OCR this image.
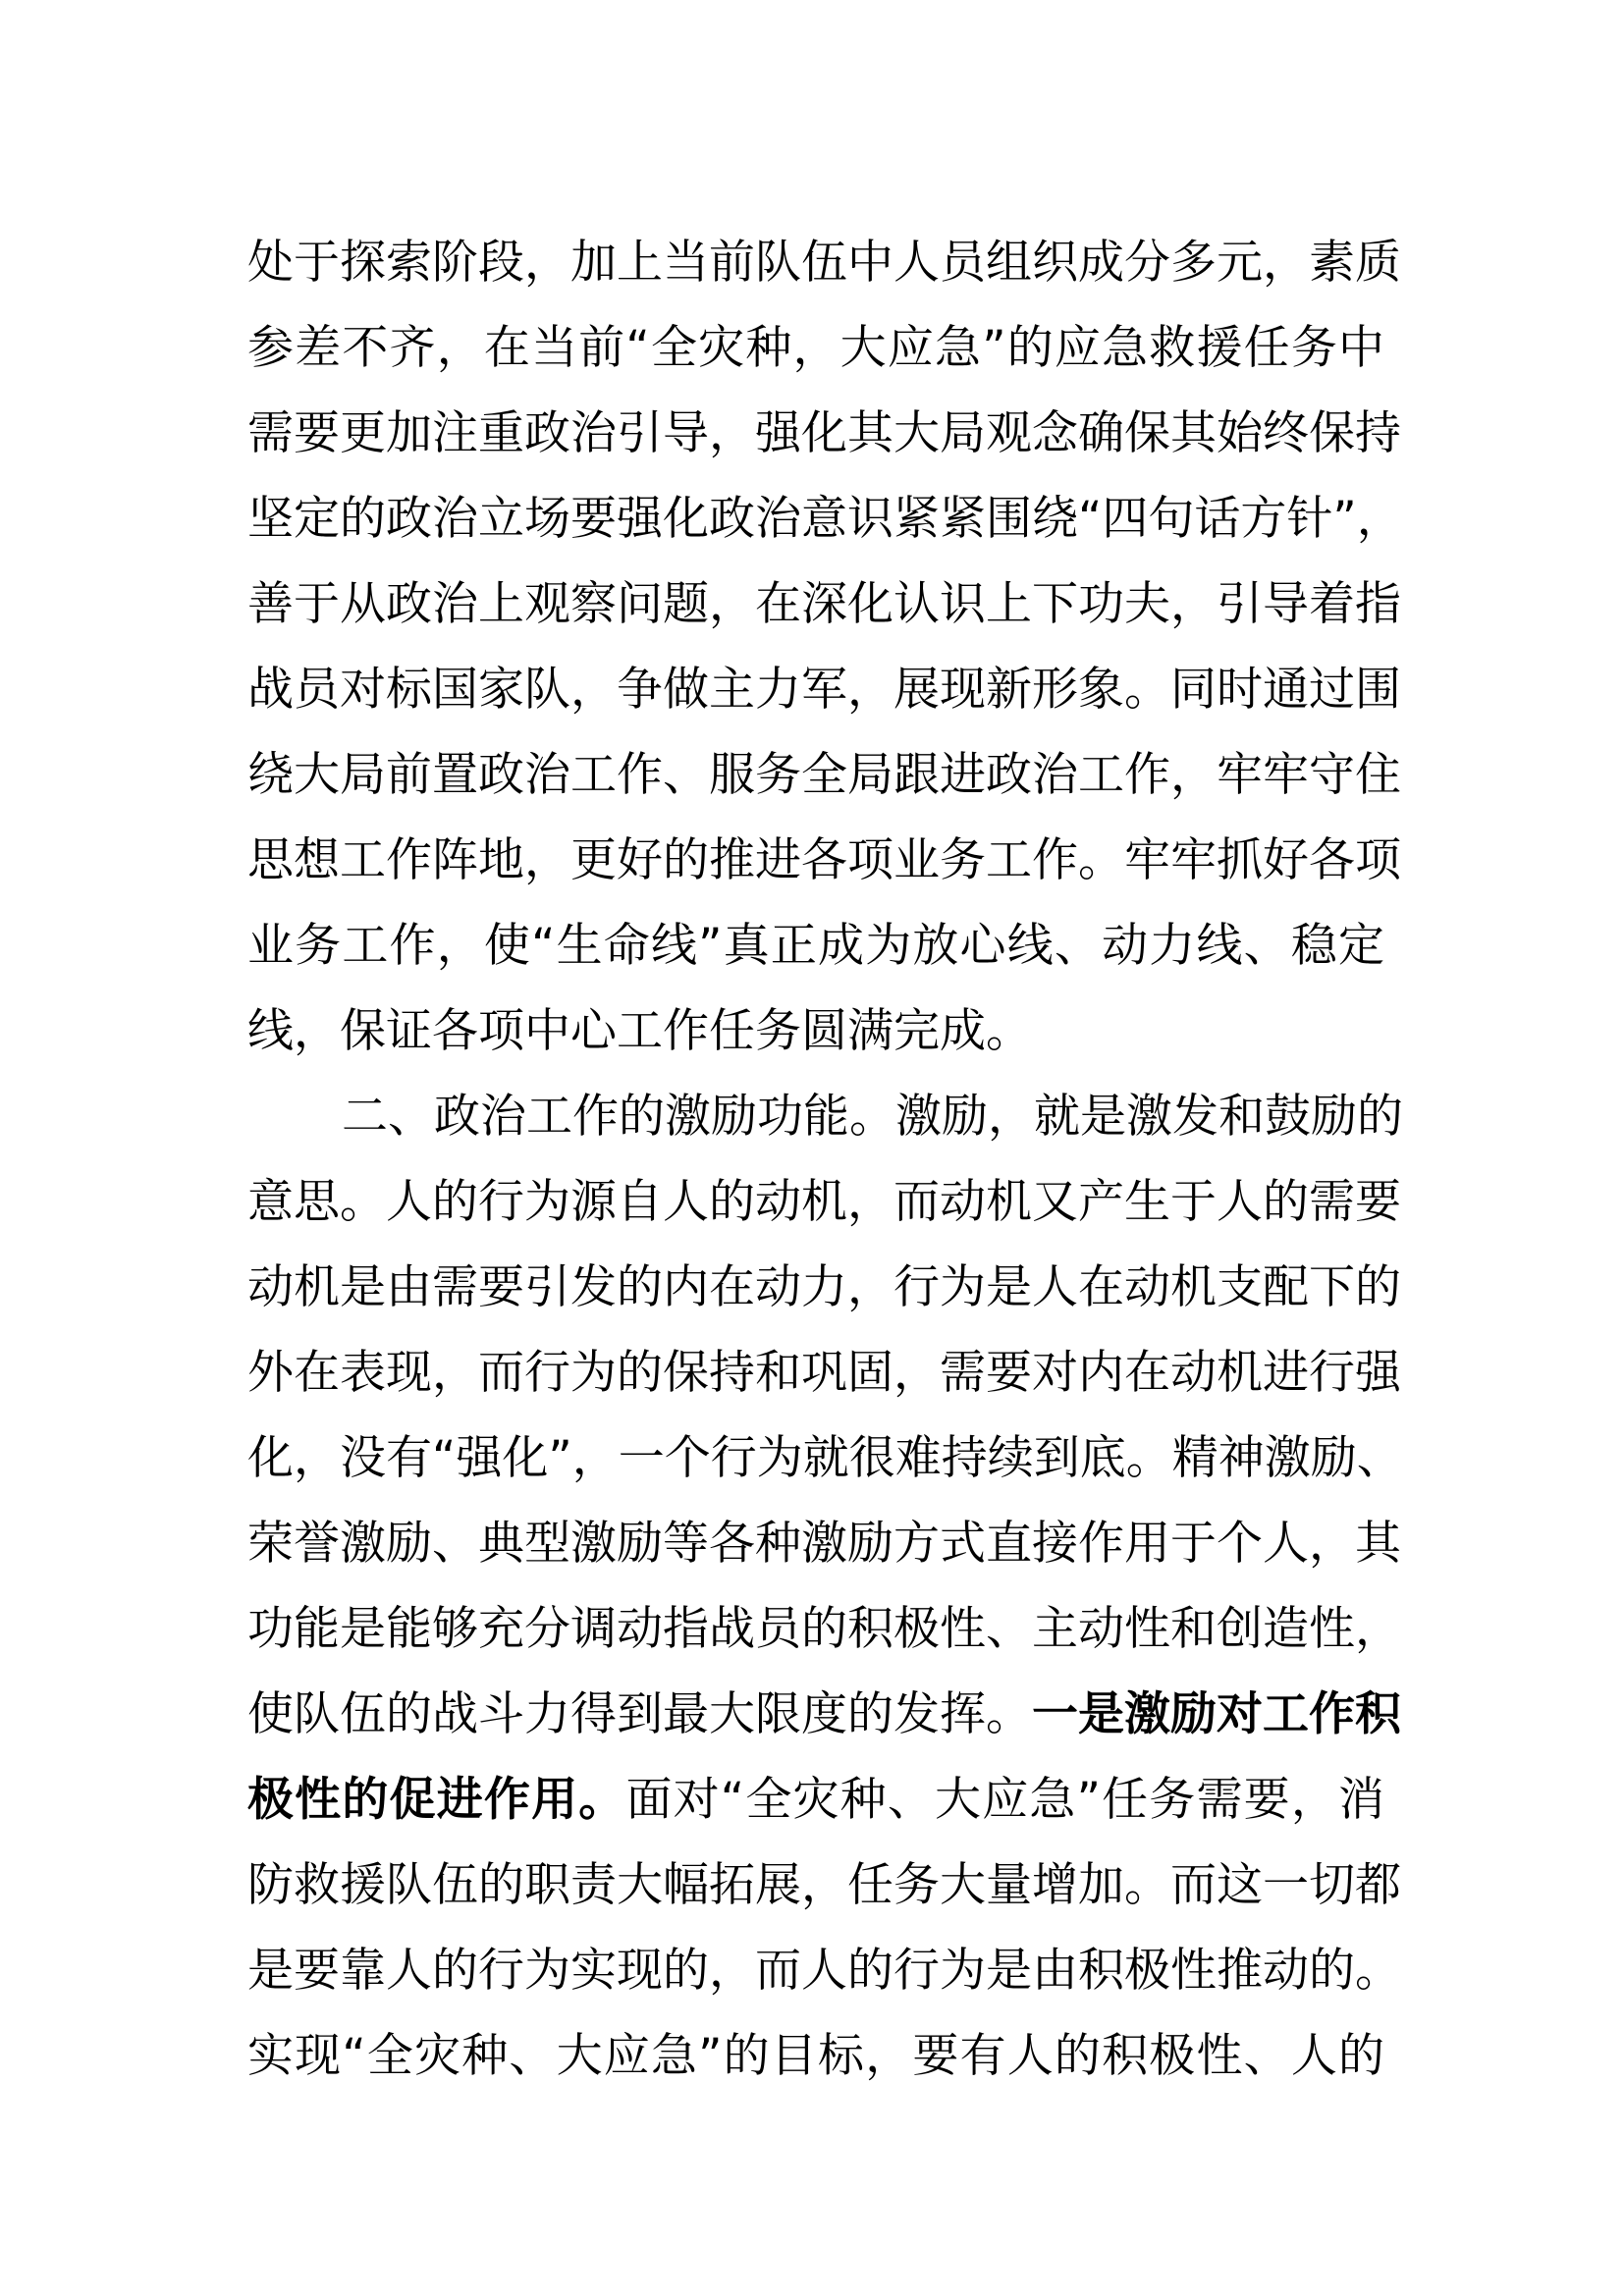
处于探索阶段，加上当前队伍中人员组织成分多元，素质
参差不齐，在当前“全灾种，大应急”的应急救援任务中
需要更加注重政治引导，强化其大局观念确保其始终保持
坚定的政治立场要强化政治意识紧紧围绕“四句话方针”，
善于从政治上观察问题，在深化认识上下功夫，引导着指
战员对标国家队，争做主力军，展现新形象。同时通过围
绕大局前置政治工作、服务全局跟进政治工作，牢牢守住
思想工作阵地，更好的推进各项业务工作。牢牢抓好各项
业务工作，使“生命线”真正成为放心线、动力线、稳定
线，保证各项中心工作任务圆满完成。
二、政治工作的激励功能。激励，就是激发和鼓励的
意思。人的行为源自人的动机，而动机又产生于人的需要
动机是由需要引发的内在动力，行为是人在动机支配下的
外在表现，而行为的保持和巩固，需要对内在动机进行强
化，没有“强化”，一个行为就很难持续到底。精神激励、
荣誉激励、典型激励等各种激励方式直接作用于个人，其
功能是能够充分调动指战员的积极性、主动性和创造性，
使队伍的战斗力得到最大限度的发挥。一是激励对工作积
极性的促进作用。面对“全灾种、大应急”任务需要，消
防救援队伍的职责大幅拓展，任务大量增加。而这一切都
是要靠人的行为实现的，而人的行为是由积极性推动的。
实现“全灾种、大应急”的目标，要有人的积极性、人的
